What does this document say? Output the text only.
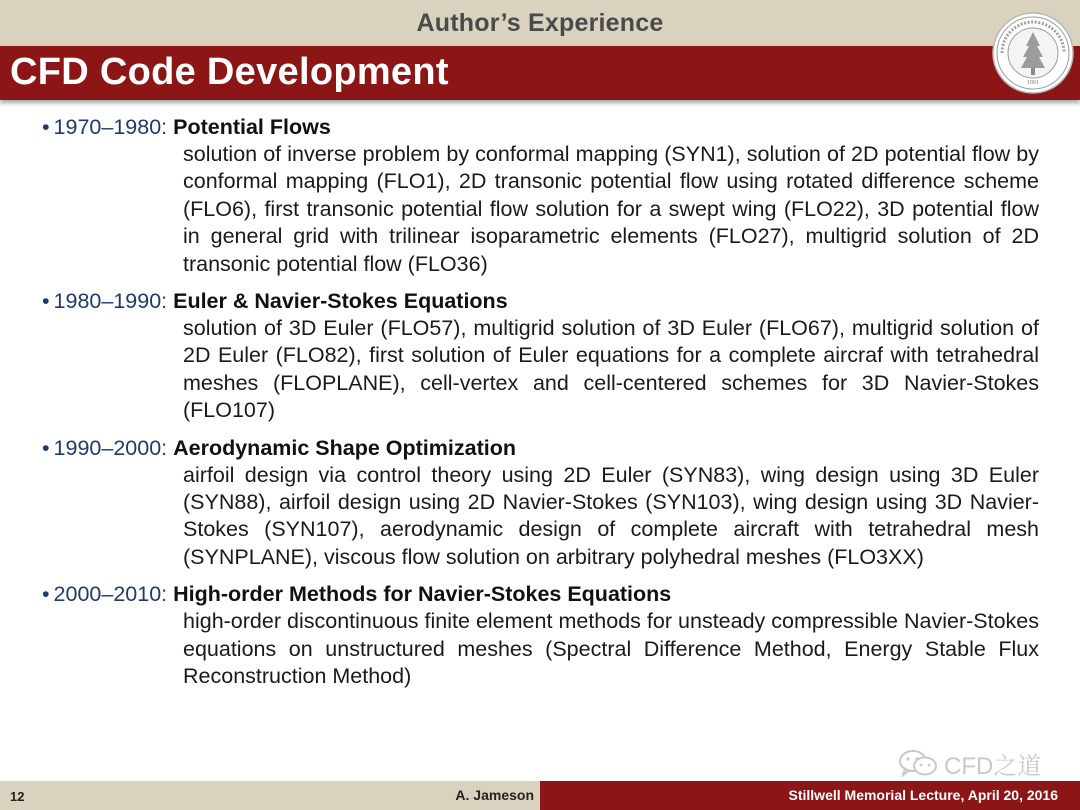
Author’s Experience
CFD Code Development	1891
• 1970–1980: Potential Flows

solution of inverse problem by conformal mapping (SYN1), solution of 2D potential flow by conformal mapping (FLO1), 2D transonic potential flow using rotated difference scheme (FLO6), first transonic potential flow solution for a swept wing (FLO22), 3D potential flow in general grid with trilinear isoparametric elements (FLO27), multigrid solution of 2D transonic potential flow (FLO36)

• 1980–1990: Euler & Navier-Stokes Equations

solution of 3D Euler (FLO57), multigrid solution of 3D Euler (FLO67), multigrid solution of 2D Euler (FLO82), first solution of Euler equations for a complete aircraf with tetrahedral meshes (FLOPLANE), cell-vertex and cell-centered schemes for 3D Navier-Stokes (FLO107)

• 1990–2000: Aerodynamic Shape Optimization

airfoil design via control theory using 2D Euler (SYN83), wing design using 3D Euler (SYN88), airfoil design using 2D Navier-Stokes (SYN103), wing design using 3D Navier-Stokes (SYN107), aerodynamic design of complete aircraft with tetrahedral mesh (SYNPLANE), viscous flow solution on arbitrary polyhedral meshes (FLO3XX)

• 2000–2010: High-order Methods for Navier-Stokes Equations

high-order discontinuous finite element methods for unsteady compressible Navier-Stokes equations on unstructured meshes (Spectral Difference Method, Energy Stable Flux Reconstruction Method)

CFD之道
12	A. Jameson	Stillwell Memorial Lecture, April 20, 2016
